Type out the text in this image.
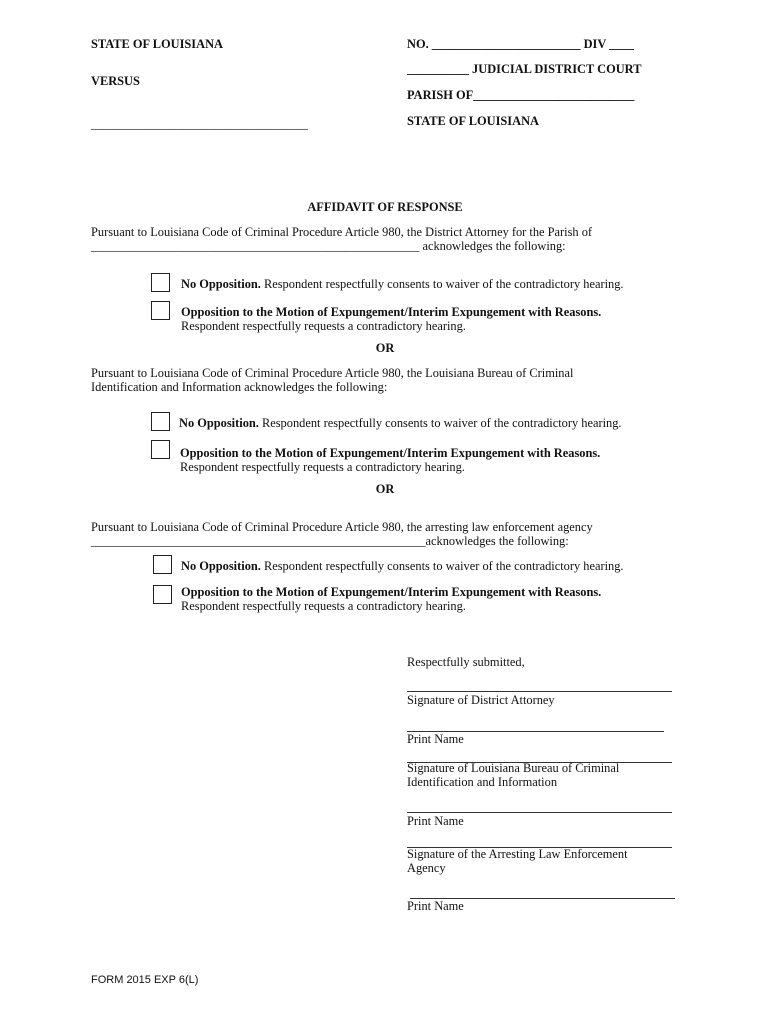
STATE OF LOUISIANA
VERSUS
___________________________________
NO. ________________________ DIV ____
__________ JUDICIAL DISTRICT COURT
PARISH OF__________________________
STATE OF LOUISIANA
AFFIDAVIT OF RESPONSE
Pursuant to Louisiana Code of Criminal Procedure Article 980, the District Attorney for the Parish of
_____________________________________________________ acknowledges the following:
No Opposition. Respondent respectfully consents to waiver of the contradictory hearing.
Opposition to the Motion of Expungement/Interim Expungement with Reasons.
Respondent respectfully requests a contradictory hearing.
OR
Pursuant to Louisiana Code of Criminal Procedure Article 980, the Louisiana Bureau of Criminal
Identification and Information acknowledges the following:
No Opposition. Respondent respectfully consents to waiver of the contradictory hearing.
Opposition to the Motion of Expungement/Interim Expungement with Reasons.
Respondent respectfully requests a contradictory hearing.
OR
Pursuant to Louisiana Code of Criminal Procedure Article 980, the arresting law enforcement agency
______________________________________________________acknowledges the following:
No Opposition. Respondent respectfully consents to waiver of the contradictory hearing.
Opposition to the Motion of Expungement/Interim Expungement with Reasons.
Respondent respectfully requests a contradictory hearing.
Respectfully submitted,
Signature of District Attorney
Print Name
Signature of Louisiana Bureau of Criminal
Identification and Information
Print Name
Signature of the Arresting Law Enforcement
Agency
Print Name
FORM 2015 EXP 6(L)
